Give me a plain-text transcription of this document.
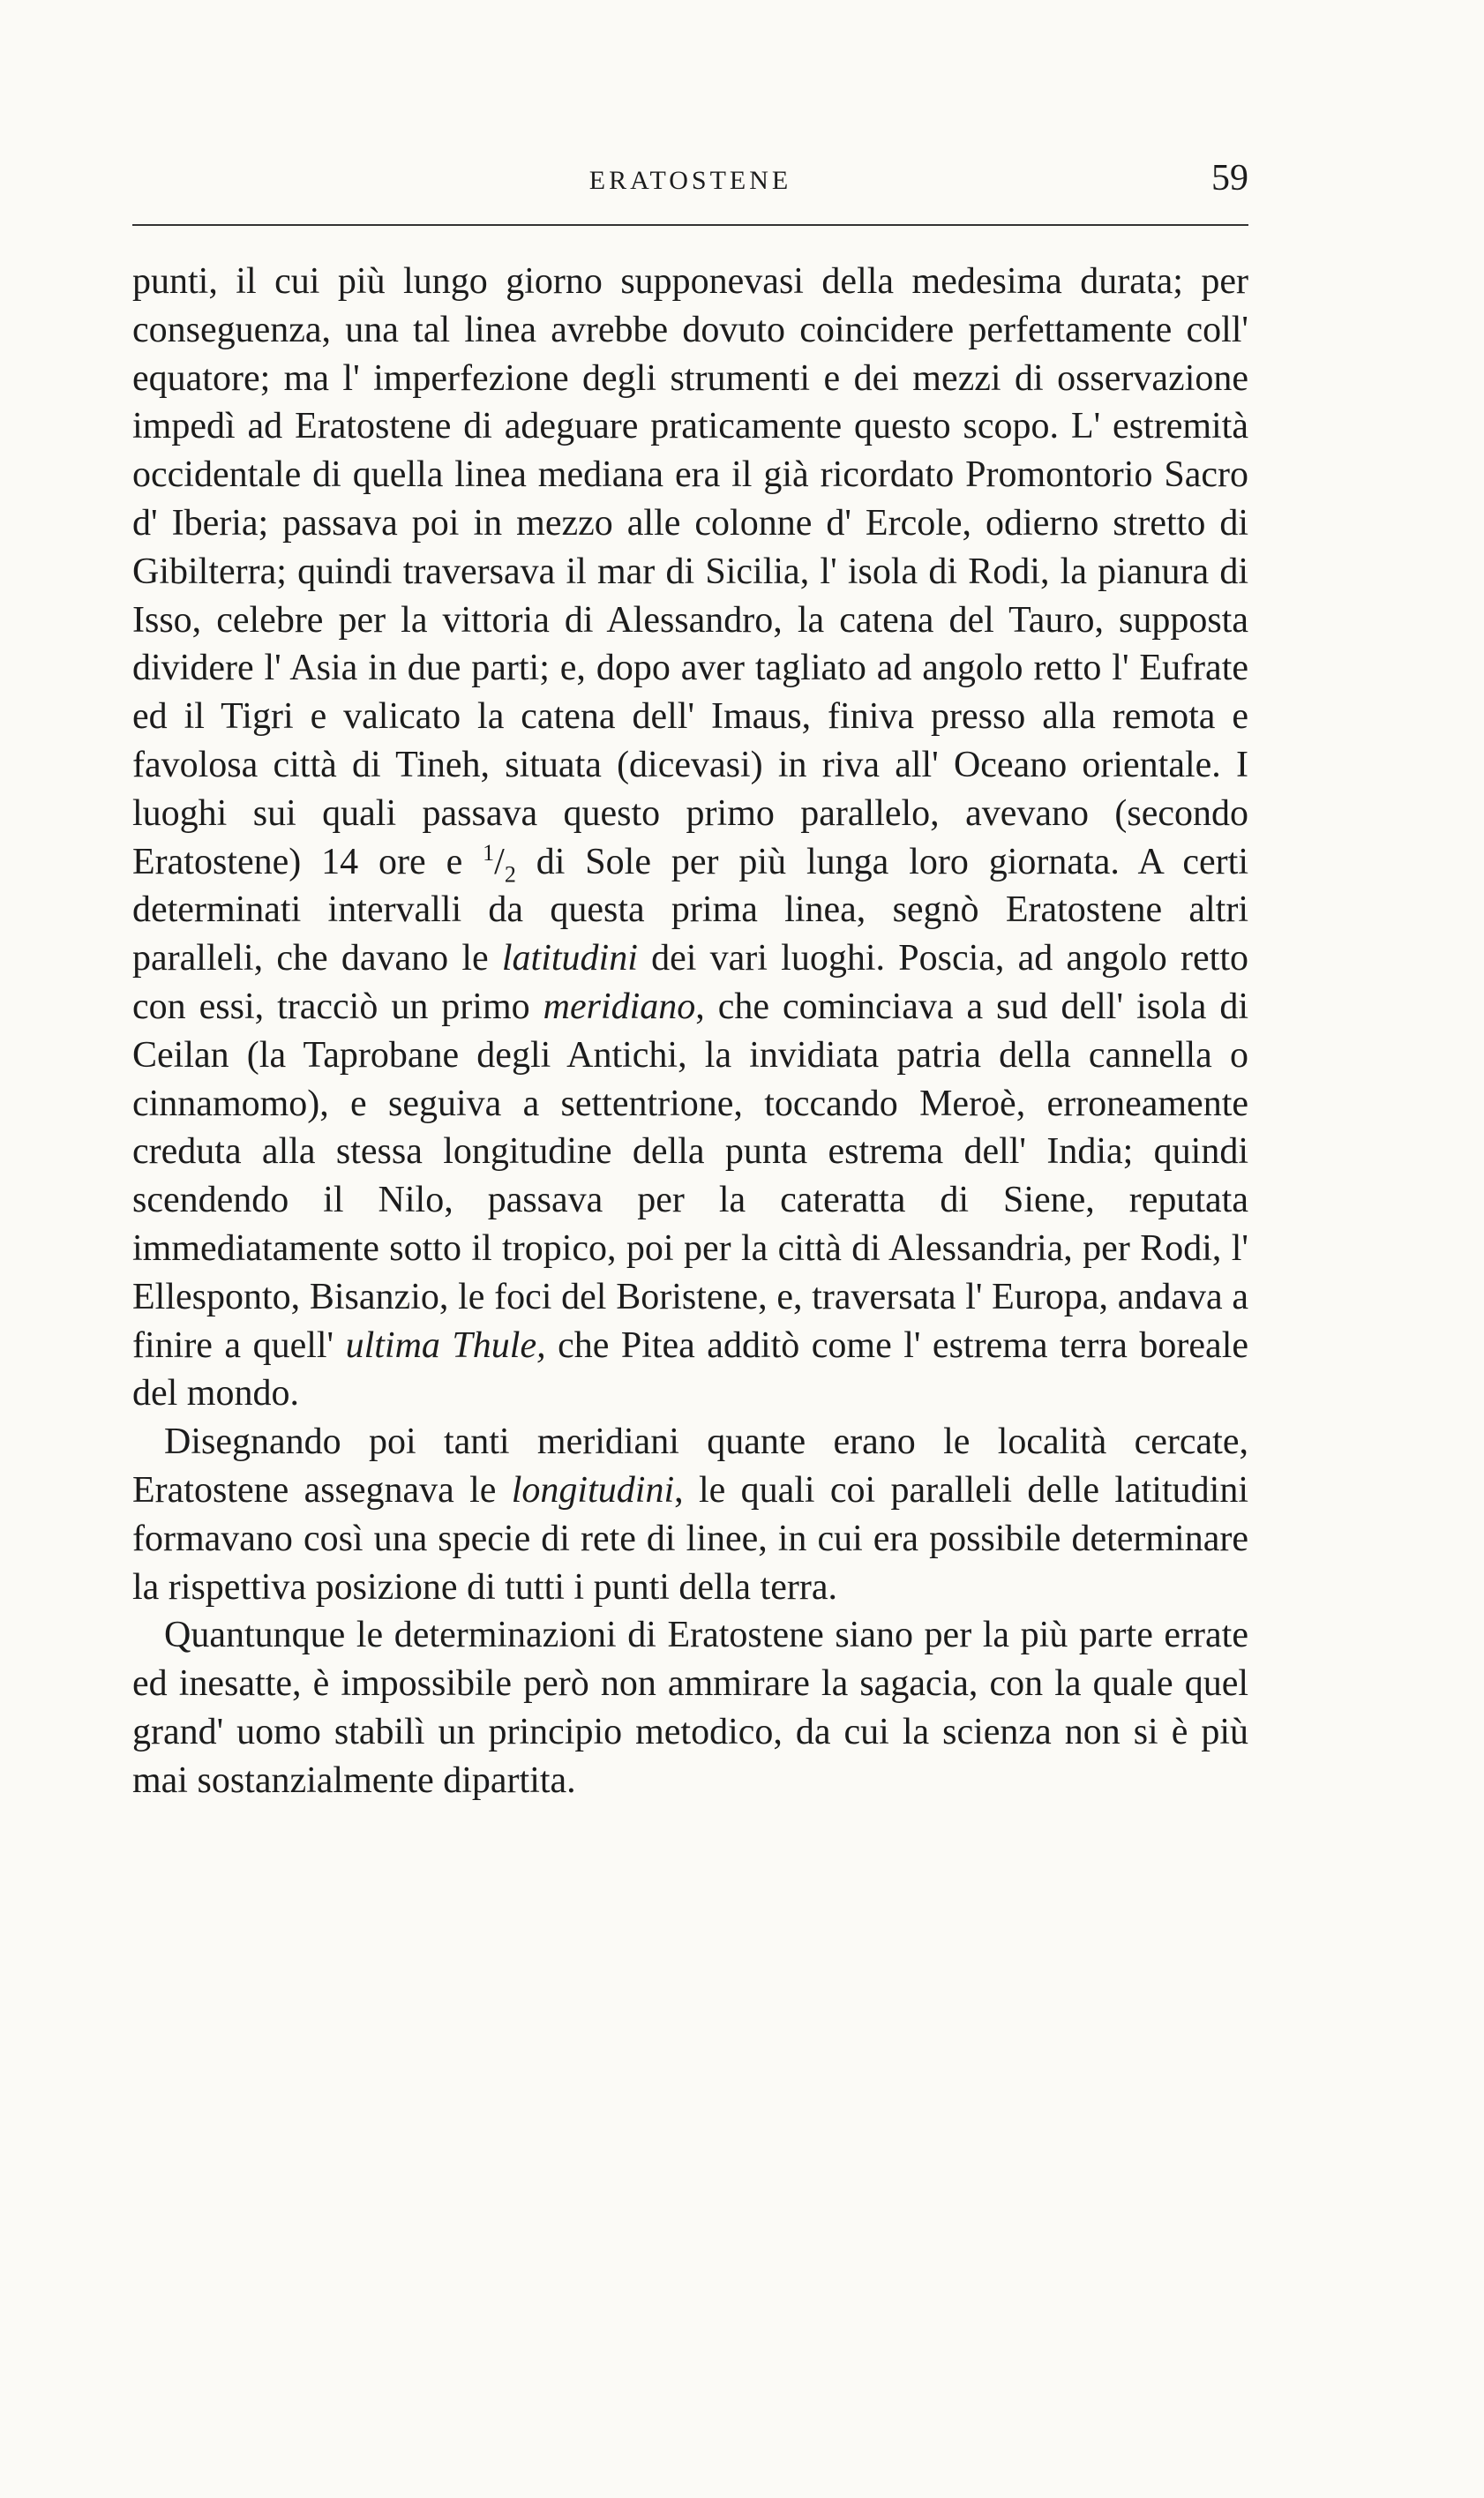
ERATOSTENE	59

punti, il cui più lungo giorno supponevasi della medesima durata; per conseguenza, una tal linea avrebbe dovuto coincidere perfettamente coll' equatore; ma l' imperfezione degli strumenti e dei mezzi di osservazione impedì ad Eratostene di adeguare praticamente questo scopo. L' estremità occidentale di quella linea mediana era il già ricordato Promontorio Sacro d' Iberia; passava poi in mezzo alle colonne d' Ercole, odierno stretto di Gibilterra; quindi traversava il mar di Sicilia, l' isola di Rodi, la pianura di Isso, celebre per la vittoria di Alessandro, la catena del Tauro, supposta dividere l' Asia in due parti; e, dopo aver tagliato ad angolo retto l' Eufrate ed il Tigri e valicato la catena dell' Imaus, finiva presso alla remota e favolosa città di Tineh, situata (dicevasi) in riva all' Oceano orientale. I luoghi sui quali passava questo primo parallelo, avevano (secondo Eratostene) 14 ore e $^1/_2$ di Sole per più lunga loro giornata. A certi determinati intervalli da questa prima linea, segnò Eratostene altri paralleli, che davano le latitudini dei vari luoghi. Poscia, ad angolo retto con essi, tracciò un primo meridiano, che cominciava a sud dell' isola di Ceilan (la Taprobane degli Antichi, la invidiata patria della cannella o cinnamomo), e seguiva a settentrione, toccando Meroè, erroneamente creduta alla stessa longitudine della punta estrema dell' India; quindi scendendo il Nilo, passava per la cateratta di Siene, reputata immediatamente sotto il tropico, poi per la città di Alessandria, per Rodi, l' Ellesponto, Bisanzio, le foci del Boristene, e, traversata l' Europa, andava a finire a quell' ultima Thule, che Pitea additò come l' estrema terra boreale del mondo.

Disegnando poi tanti meridiani quante erano le località cercate, Eratostene assegnava le longitudini, le quali coi paralleli delle latitudini formavano così una specie di rete di linee, in cui era possibile determinare la rispettiva posizione di tutti i punti della terra.

Quantunque le determinazioni di Eratostene siano per la più parte errate ed inesatte, è impossibile però non ammirare la sagacia, con la quale quel grand' uomo stabilì un principio metodico, da cui la scienza non si è più mai sostanzialmente dipartita.
